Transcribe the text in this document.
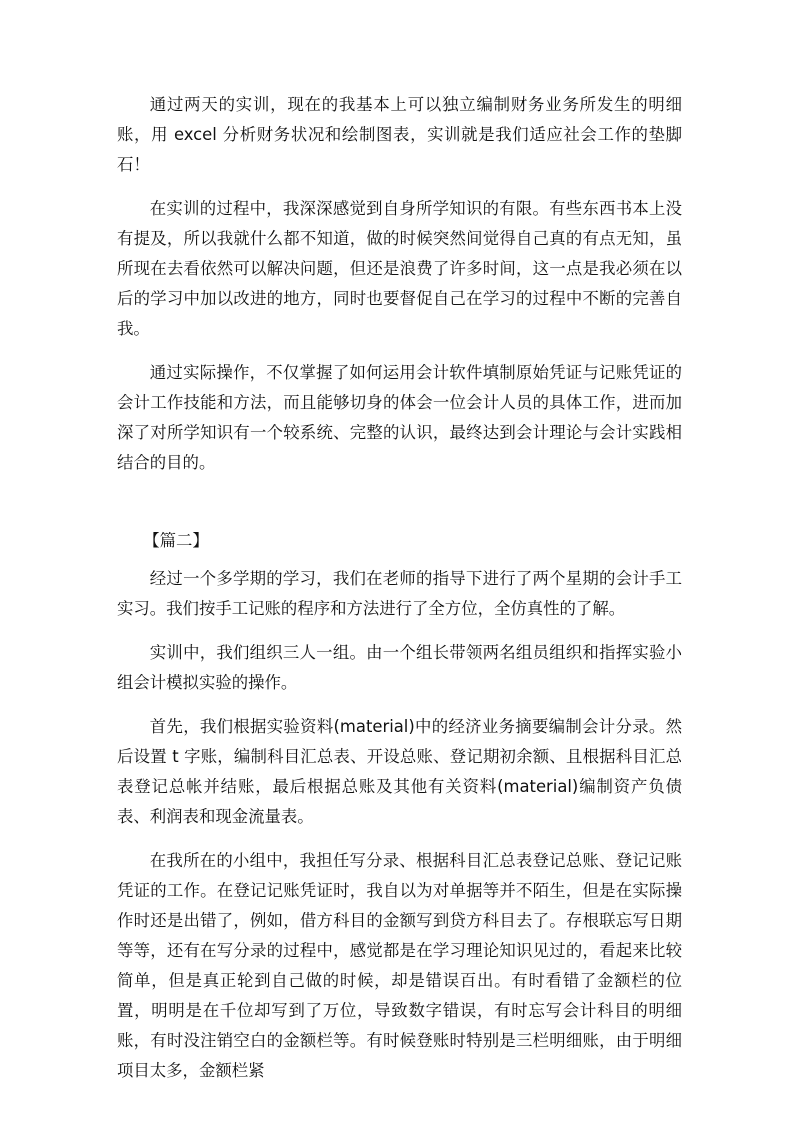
通过两天的实训，现在的我基本上可以独立编制财务业务所发生的明细账，用 excel 分析财务状况和绘制图表，实训就是我们适应社会工作的垫脚石！

在实训的过程中，我深深感觉到自身所学知识的有限。有些东西书本上没有提及，所以我就什么都不知道，做的时候突然间觉得自己真的有点无知，虽所现在去看依然可以解决问题，但还是浪费了许多时间，这一点是我必须在以后的学习中加以改进的地方，同时也要督促自己在学习的过程中不断的完善自我。

通过实际操作，不仅掌握了如何运用会计软件填制原始凭证与记账凭证的会计工作技能和方法，而且能够切身的体会一位会计人员的具体工作，进而加深了对所学知识有一个较系统、完整的认识，最终达到会计理论与会计实践相结合的目的。

【篇二】

经过一个多学期的学习，我们在老师的指导下进行了两个星期的会计手工实习。我们按手工记账的程序和方法进行了全方位，全仿真性的了解。

实训中，我们组织三人一组。由一个组长带领两名组员组织和指挥实验小组会计模拟实验的操作。

首先，我们根据实验资料(material)中的经济业务摘要编制会计分录。然后设置 t 字账，编制科目汇总表、开设总账、登记期初余额、且根据科目汇总表登记总帐并结账，最后根据总账及其他有关资料(material)编制资产负债表、利润表和现金流量表。

在我所在的小组中，我担任写分录、根据科目汇总表登记总账、登记记账凭证的工作。在登记记账凭证时，我自以为对单据等并不陌生，但是在实际操作时还是出错了，例如，借方科目的金额写到贷方科目去了。存根联忘写日期等等，还有在写分录的过程中，感觉都是在学习理论知识见过的，看起来比较简单，但是真正轮到自己做的时候，却是错误百出。有时看错了金额栏的位置，明明是在千位却写到了万位，导致数字错误，有时忘写会计科目的明细账，有时没注销空白的金额栏等。有时候登账时特别是三栏明细账，由于明细项目太多，金额栏紧
